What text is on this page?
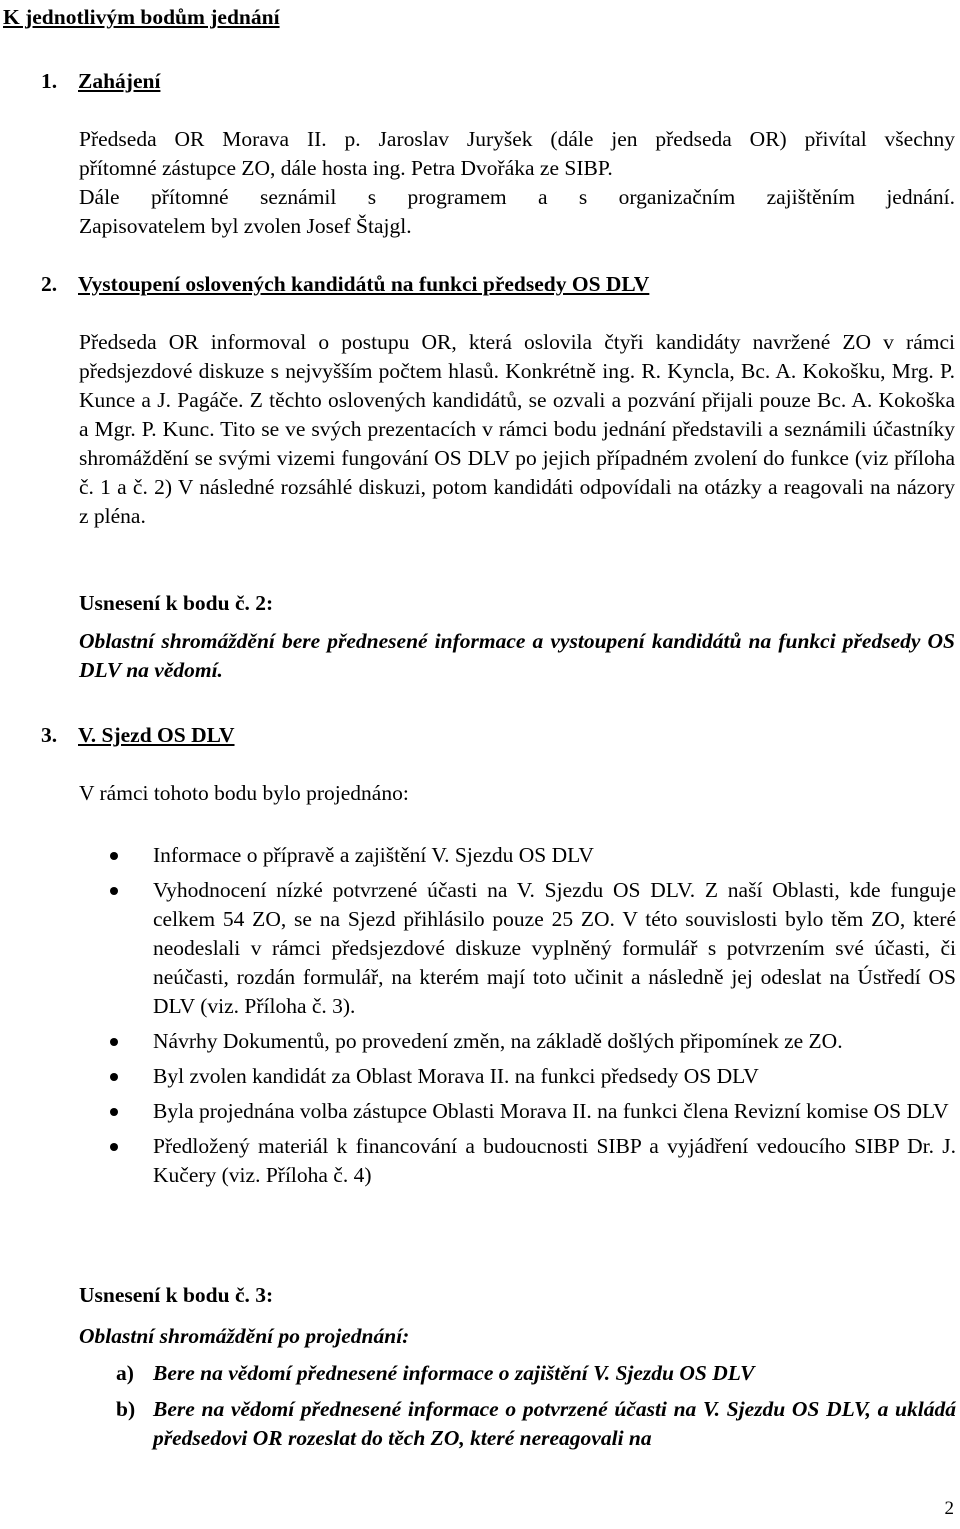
K jednotlivým bodům jednání
1. Zahájení
Předseda OR Morava II. p. Jaroslav Juryšek (dále jen předseda OR) přivítal všechny
přítomné zástupce ZO, dále hosta ing. Petra Dvořáka ze SIBP.
Dále přítomné seznámil s programem a s organizačním zajištěním jednání.
Zapisovatelem byl zvolen Josef Štajgl.
2. Vystoupení oslovených kandidátů na funkci předsedy OS DLV
Předseda OR informoval o postupu OR, která oslovila čtyři kandidáty navržené ZO v rámci předsjezdové diskuze s nejvyšším počtem hlasů. Konkrétně ing. R. Kyncla, Bc. A. Kokošku, Mrg. P. Kunce a J. Pagáče. Z těchto oslovených kandidátů, se ozvali a pozvání přijali pouze Bc. A. Kokoška a Mgr. P. Kunc. Tito se ve svých prezentacích v rámci bodu jednání představili a seznámili účastníky shromáždění se svými vizemi fungování OS DLV po jejich případném zvolení do funkce (viz příloha č. 1 a č. 2) V následné rozsáhlé diskuzi, potom kandidáti odpovídali na otázky a reagovali na názory z pléna.
Usnesení k bodu č. 2:
Oblastní shromáždění bere přednesené informace a vystoupení kandidátů na funkci předsedy OS DLV na vědomí.
3. V. Sjezd OS DLV
V rámci tohoto bodu bylo projednáno:
Informace o přípravě a zajištění V. Sjezdu OS DLV
Vyhodnocení nízké potvrzené účasti na V. Sjezdu OS DLV. Z naší Oblasti, kde funguje celkem 54 ZO, se na Sjezd přihlásilo pouze 25 ZO. V této souvislosti bylo těm ZO, které neodeslali v rámci předsjezdové diskuze vyplněný formulář s potvrzením své účasti, či neúčasti, rozdán formulář, na kterém mají toto učinit a následně jej odeslat na Ústředí OS DLV (viz. Příloha č. 3).
Návrhy Dokumentů, po provedení změn, na základě došlých připomínek ze ZO.
Byl zvolen kandidát za Oblast Morava II. na funkci předsedy OS DLV
Byla projednána volba zástupce Oblasti Morava II. na funkci člena Revizní komise OS DLV
Předložený materiál k financování a budoucnosti SIBP a vyjádření vedoucího SIBP Dr. J. Kučery (viz. Příloha č. 4)
Usnesení k bodu č. 3:
Oblastní shromáždění po projednání:
a) Bere na vědomí přednesené informace o zajištění V. Sjezdu OS DLV
b) Bere na vědomí přednesené informace o potvrzené účasti na V. Sjezdu OS DLV, a ukládá předsedovi OR rozeslat do těch ZO, které nereagovali na
2
